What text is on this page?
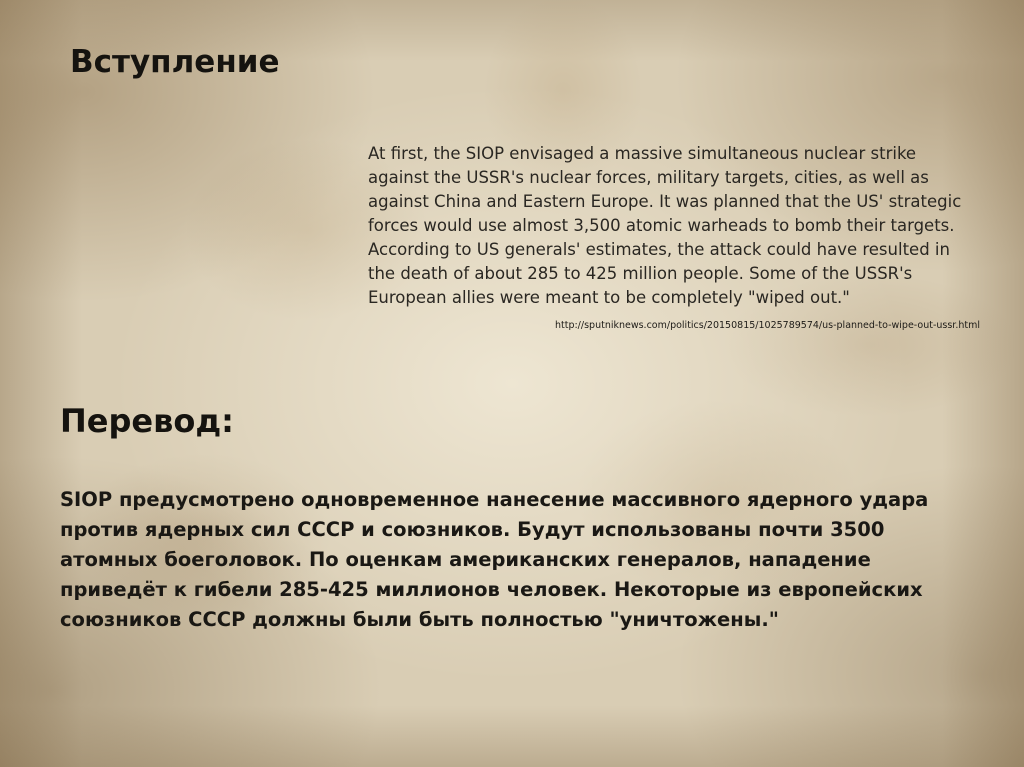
Вступление

At first, the SIOP envisaged a massive simultaneous nuclear strike against the USSR's nuclear forces, military targets, cities, as well as against China and Eastern Europe. It was planned that the US' strategic forces would use almost 3,500 atomic warheads to bomb their targets. According to US generals' estimates, the attack could have resulted in the death of about 285 to 425 million people. Some of the USSR's European allies were meant to be completely "wiped out."

http://sputniknews.com/politics/20150815/1025789574/us-planned-to-wipe-out-ussr.html
Перевод:

SIOP предусмотрено одновременное нанесение массивного ядерного удара против ядерных сил СССР и союзников. Будут использованы почти 3500 атомных боеголовок. По оценкам американских генералов, нападение приведёт к гибели 285-425 миллионов человек. Некоторые из европейских союзников СССР должны были быть полностью "уничтожены."
